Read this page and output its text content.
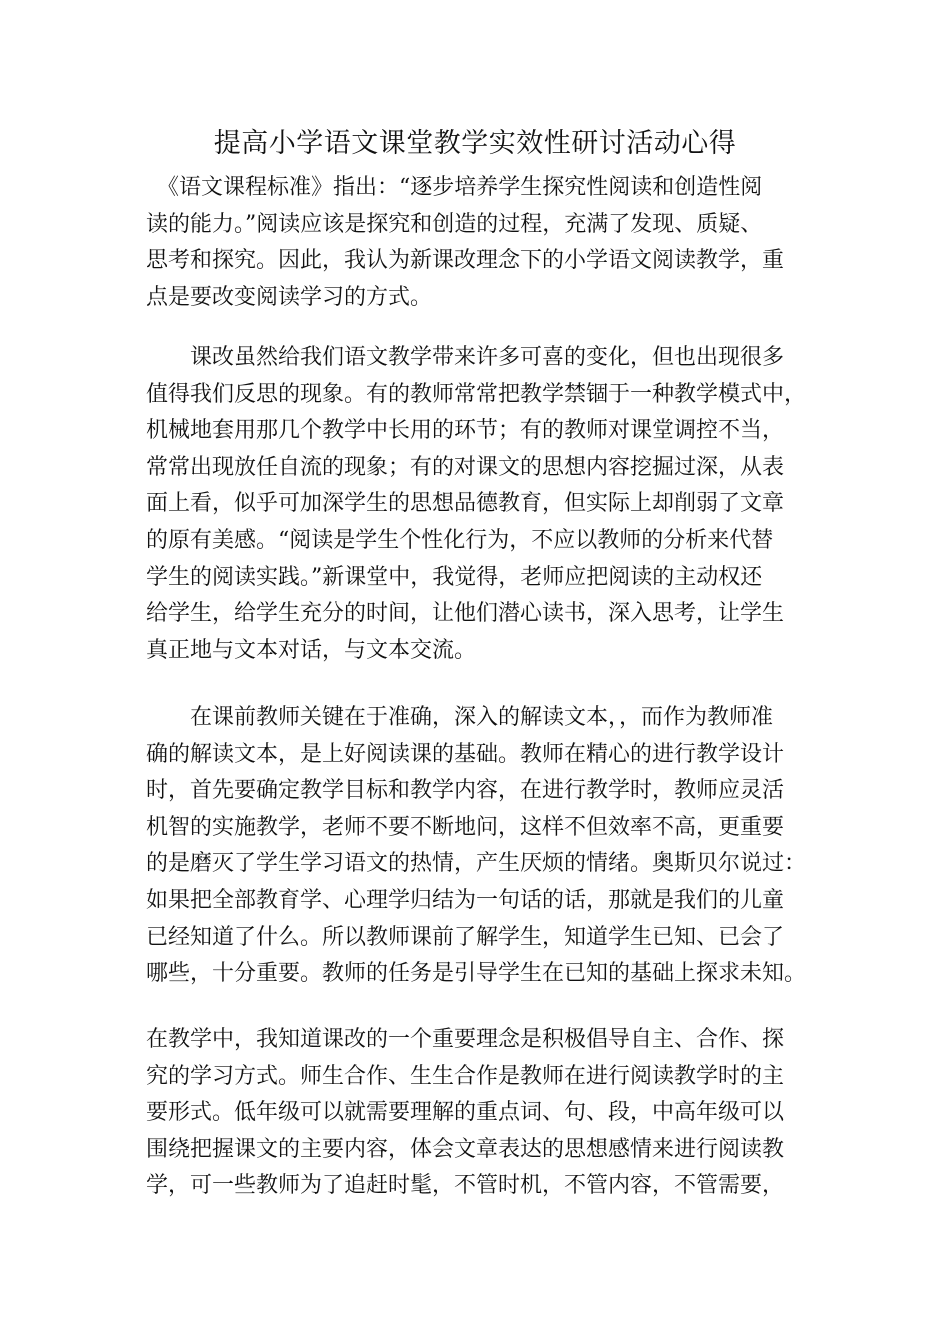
提高小学语文课堂教学实效性研讨活动心得
　《语文课程标准》指出：“逐步培养学生探究性阅读和创造性阅
读的能力。”阅读应该是探究和创造的过程，充满了发现、质疑、
思考和探究。因此，我认为新课改理念下的小学语文阅读教学，重
点是要改变阅读学习的方式。
　　课改虽然给我们语文教学带来许多可喜的变化，但也出现很多
值得我们反思的现象。有的教师常常把教学禁锢于一种教学模式中，
机械地套用那几个教学中长用的环节；有的教师对课堂调控不当，
常常出现放任自流的现象；有的对课文的思想内容挖掘过深，从表
面上看，似乎可加深学生的思想品德教育，但实际上却削弱了文章
的原有美感。“阅读是学生个性化行为，不应以教师的分析来代替
学生的阅读实践。”新课堂中，我觉得，老师应把阅读的主动权还
给学生，给学生充分的时间，让他们潜心读书，深入思考，让学生
真正地与文本对话，与文本交流。
　　在课前教师关键在于准确，深入的解读文本，，而作为教师准
确的解读文本，是上好阅读课的基础。教师在精心的进行教学设计
时，首先要确定教学目标和教学内容，在进行教学时，教师应灵活
机智的实施教学，老师不要不断地问，这样不但效率不高，更重要
的是磨灭了学生学习语文的热情，产生厌烦的情绪。奥斯贝尔说过：
如果把全部教育学、心理学归结为一句话的话，那就是我们的儿童
已经知道了什么。所以教师课前了解学生，知道学生已知、已会了
哪些，十分重要。教师的任务是引导学生在已知的基础上探求未知。
在教学中，我知道课改的一个重要理念是积极倡导自主、合作、探
究的学习方式。师生合作、生生合作是教师在进行阅读教学时的主
要形式。低年级可以就需要理解的重点词、句、段，中高年级可以
围绕把握课文的主要内容，体会文章表达的思想感情来进行阅读教
学，可一些教师为了追赶时髦，不管时机，不管内容，不管需要，
